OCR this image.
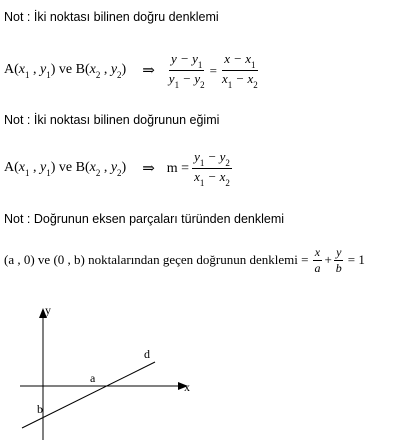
Not : İki noktası bilinen doğru denklemi
$A(x_1$ , $y_1$) ve $B(x_2$ , $y_2$) ⇒ $\frac{y - y_1}{y_1 - y_2} = \frac{x - x_1}{x_1 - x_2}$
Not : İki noktası bilinen doğrunun eğimi
$A(x_1$ , $y_1$) ve $B(x_2$ , $y_2$) ⇒ $m = \frac{y_1 - y_2}{x_1 - x_2}$
Not : Doğrunun eksen parçaları türünden denklemi
(a , 0) ve (0 , b) noktalarından geçen doğrunun denklemi = $\frac{x}{a} + \frac{y}{b} = 1$
y
x
d
a
b
